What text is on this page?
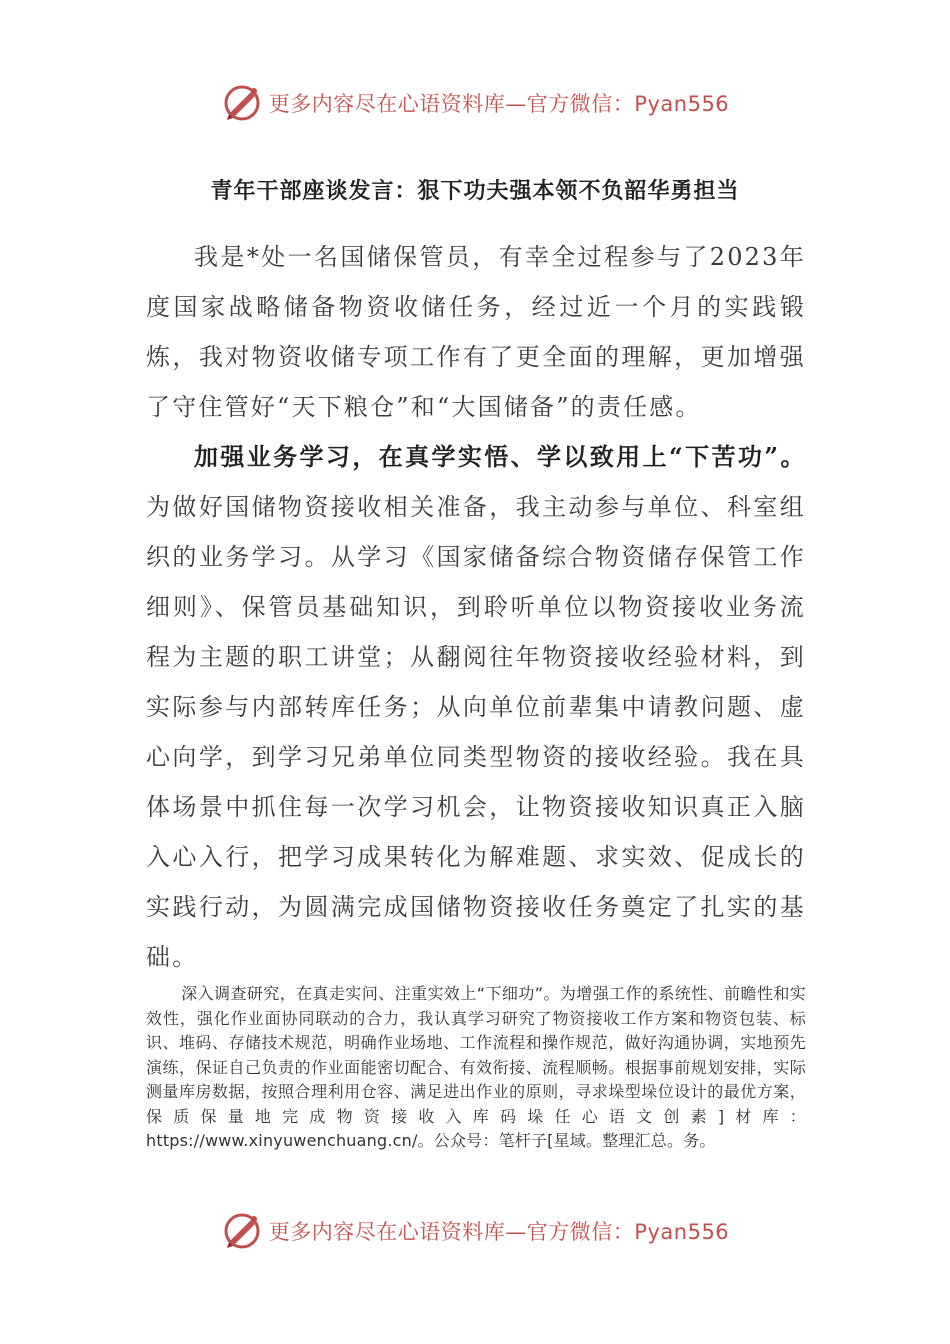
更多内容尽在心语资料库—官方微信：Pyan556
青年干部座谈发言：狠下功夫强本领不负韶华勇担当

我是*处一名国储保管员，有幸全过程参与了2023年度国家战略储备物资收储任务，经过近一个月的实践锻炼，我对物资收储专项工作有了更全面的理解，更加增强了守住管好“天下粮仓”和“大国储备”的责任感。

加强业务学习，在真学实悟、学以致用上“下苦功”。为做好国储物资接收相关准备，我主动参与单位、科室组织的业务学习。从学习《国家储备综合物资储存保管工作细则》、保管员基础知识，到聆听单位以物资接收业务流程为主题的职工讲堂；从翻阅往年物资接收经验材料，到实际参与内部转库任务；从向单位前辈集中请教问题、虚心向学，到学习兄弟单位同类型物资的接收经验。我在具体场景中抓住每一次学习机会，让物资接收知识真正入脑入心入行，把学习成果转化为解难题、求实效、促成长的实践行动，为圆满完成国储物资接收任务奠定了扎实的基础。

深入调查研究，在真走实问、注重实效上“下细功”。为增强工作的系统性、前瞻性和实效性，强化作业面协同联动的合力，我认真学习研究了物资接收工作方案和物资包装、标识、堆码、存储技术规范，明确作业场地、工作流程和操作规范，做好沟通协调，实地预先演练，保证自己负责的作业面能密切配合、有效衔接、流程顺畅。根据事前规划安排，实际测量库房数据，按照合理利用仓容、满足进出作业的原则，寻求垛型垛位设计的最优方案，保质保量地完成物资接收入库码垛任心语文创素]材库：https://www.xinyuwenchuang.cn/。公众号：笔杆子[星域。整理汇总。务。

更多内容尽在心语资料库—官方微信：Pyan556
